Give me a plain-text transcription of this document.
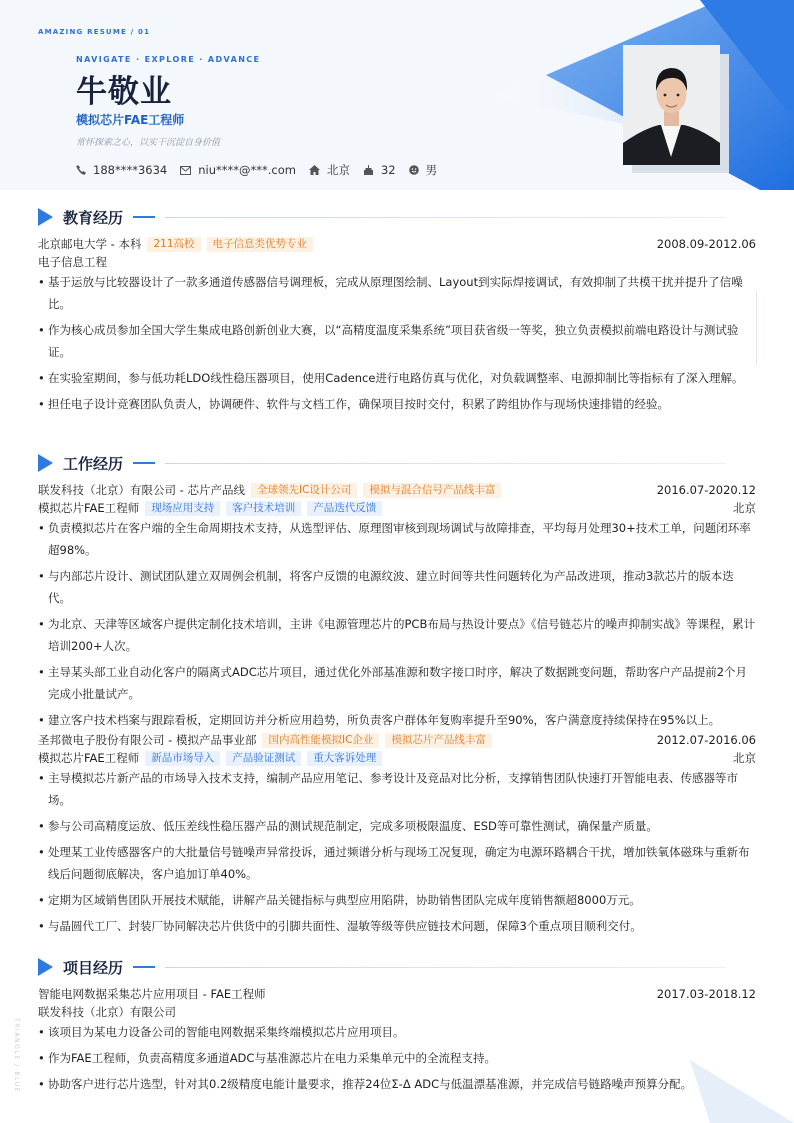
AMAZING RESUME / 01
NAVIGATE · EXPLORE · ADVANCE
牛敬业
模拟芯片FAE工程师
常怀探索之心，以实干沉淀自身价值
188****3634	niu****@***.com	北京	32	男
教育经历
北京邮电大学 - 本科	211高校	电子信息类优势专业	2008.09-2012.06
电子信息工程
• 基于运放与比较器设计了一款多通道传感器信号调理板，完成从原理图绘制、Layout到实际焊接调试，有效抑制了共模干扰并提升了信噪比。
• 作为核心成员参加全国大学生集成电路创新创业大赛，以“高精度温度采集系统”项目获省级一等奖，独立负责模拟前端电路设计与测试验证。
• 在实验室期间，参与低功耗LDO线性稳压器项目，使用Cadence进行电路仿真与优化，对负载调整率、电源抑制比等指标有了深入理解。
• 担任电子设计竞赛团队负责人，协调硬件、软件与文档工作，确保项目按时交付，积累了跨组协作与现场快速排错的经验。
工作经历
联发科技（北京）有限公司 - 芯片产品线	全球领先IC设计公司	模拟与混合信号产品线丰富	2016.07-2020.12
模拟芯片FAE工程师	现场应用支持	客户技术培训	产品迭代反馈	北京
• 负责模拟芯片在客户端的全生命周期技术支持，从选型评估、原理图审核到现场调试与故障排查，平均每月处理30+技术工单，问题闭环率超98%。
• 与内部芯片设计、测试团队建立双周例会机制，将客户反馈的电源纹波、建立时间等共性问题转化为产品改进项，推动3款芯片的版本迭代。
• 为北京、天津等区域客户提供定制化技术培训，主讲《电源管理芯片的PCB布局与热设计要点》《信号链芯片的噪声抑制实战》等课程，累计培训200+人次。
• 主导某头部工业自动化客户的隔离式ADC芯片项目，通过优化外部基准源和数字接口时序，解决了数据跳变问题，帮助客户产品提前2个月完成小批量试产。
• 建立客户技术档案与跟踪看板，定期回访并分析应用趋势，所负责客户群体年复购率提升至90%，客户满意度持续保持在95%以上。
圣邦微电子股份有限公司 - 模拟产品事业部	国内高性能模拟IC企业	模拟芯片产品线丰富	2012.07-2016.06
模拟芯片FAE工程师	新品市场导入	产品验证测试	重大客诉处理	北京
• 主导模拟芯片新产品的市场导入技术支持，编制产品应用笔记、参考设计及竞品对比分析，支撑销售团队快速打开智能电表、传感器等市场。
• 参与公司高精度运放、低压差线性稳压器产品的测试规范制定，完成多项极限温度、ESD等可靠性测试，确保量产质量。
• 处理某工业传感器客户的大批量信号链噪声异常投诉，通过频谱分析与现场工况复现，确定为电源环路耦合干扰，增加铁氧体磁珠与重新布线后问题彻底解决，客户追加订单40%。
• 定期为区域销售团队开展技术赋能，讲解产品关键指标与典型应用陷阱，协助销售团队完成年度销售额超8000万元。
• 与晶圆代工厂、封装厂协同解决芯片供货中的引脚共面性、湿敏等级等供应链技术问题，保障3个重点项目顺利交付。
项目经历
智能电网数据采集芯片应用项目 - FAE工程师	2017.03-2018.12
联发科技（北京）有限公司
• 该项目为某电力设备公司的智能电网数据采集终端模拟芯片应用项目。
• 作为FAE工程师，负责高精度多通道ADC与基准源芯片在电力采集单元中的全流程支持。
• 协助客户进行芯片选型，针对其0.2级精度电能计量要求，推荐24位Σ-Δ ADC与低温漂基准源，并完成信号链路噪声预算分配。
TRIANGLE / BLUE
